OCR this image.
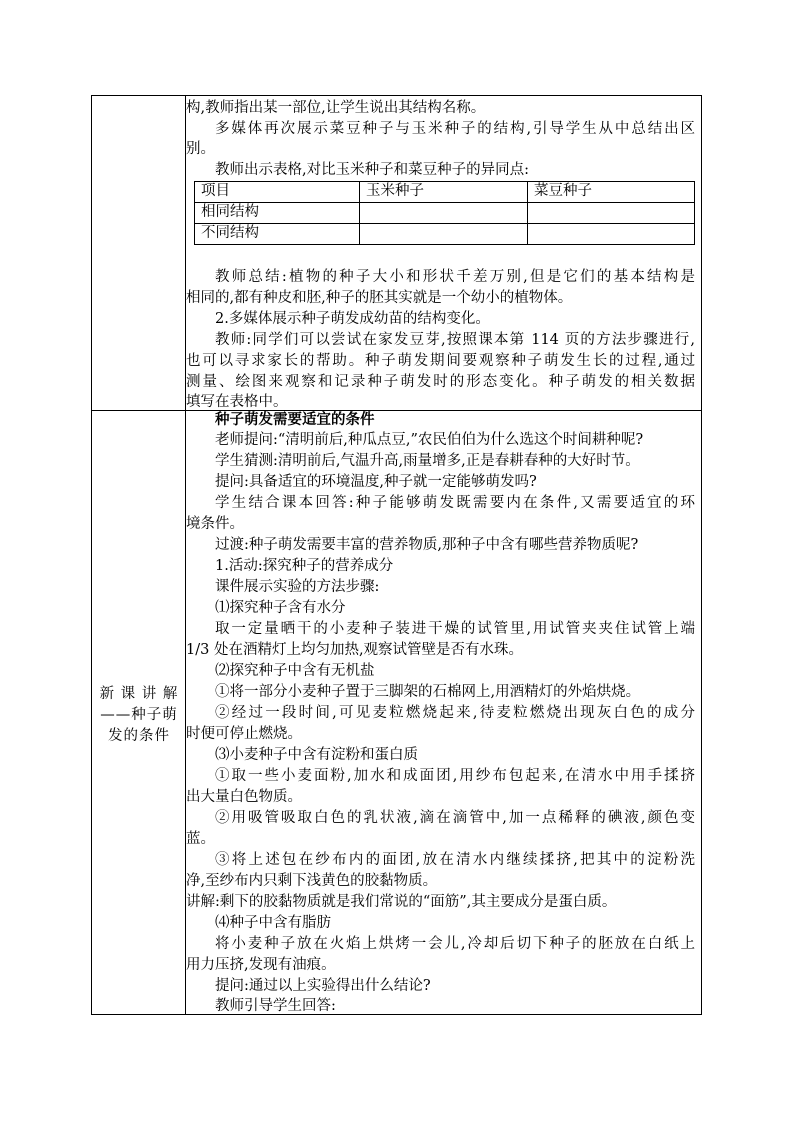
构,教师指出某一部位,让学生说出其结构名称。
多媒体再次展示菜豆种子与玉米种子的结构,引导学生从中总结出区
别。
教师出示表格,对比玉米种子和菜豆种子的异同点:
项目	玉米种子	菜豆种子
相同结构
不同结构
教师总结:植物的种子大小和形状千差万别,但是它们的基本结构是
相同的,都有种皮和胚,种子的胚其实就是一个幼小的植物体。
2.多媒体展示种子萌发成幼苗的结构变化。
教师:同学们可以尝试在家发豆芽,按照课本第 114 页的方法步骤进行,
也可以寻求家长的帮助。种子萌发期间要观察种子萌发生长的过程,通过
测量、绘图来观察和记录种子萌发时的形态变化。种子萌发的相关数据
填写在表格中。
新 课 讲 解
——种子萌
发的条件
种子萌发需要适宜的条件
老师提问:“清明前后,种瓜点豆,”农民伯伯为什么选这个时间耕种呢?
学生猜测:清明前后,气温升高,雨量增多,正是春耕春种的大好时节。
提问:具备适宜的环境温度,种子就一定能够萌发吗?
学生结合课本回答:种子能够萌发既需要内在条件,又需要适宜的环
境条件。
过渡:种子萌发需要丰富的营养物质,那种子中含有哪些营养物质呢?
1.活动:探究种子的营养成分
课件展示实验的方法步骤:
⑴探究种子含有水分
取一定量晒干的小麦种子装进干燥的试管里,用试管夹夹住试管上端
1/3 处在酒精灯上均匀加热,观察试管壁是否有水珠。
⑵探究种子中含有无机盐
①将一部分小麦种子置于三脚架的石棉网上,用酒精灯的外焰烘烧。
②经过一段时间,可见麦粒燃烧起来,待麦粒燃烧出现灰白色的成分
时便可停止燃烧。
⑶小麦种子中含有淀粉和蛋白质
①取一些小麦面粉,加水和成面团,用纱布包起来,在清水中用手揉挤
出大量白色物质。
②用吸管吸取白色的乳状液,滴在滴管中,加一点稀释的碘液,颜色变
蓝。
③将上述包在纱布内的面团,放在清水内继续揉挤,把其中的淀粉洗
净,至纱布内只剩下浅黄色的胶黏物质。
讲解:剩下的胶黏物质就是我们常说的“面筋”,其主要成分是蛋白质。
⑷种子中含有脂肪
将小麦种子放在火焰上烘烤一会儿,冷却后切下种子的胚放在白纸上
用力压挤,发现有油痕。
提问:通过以上实验得出什么结论?
教师引导学生回答:
